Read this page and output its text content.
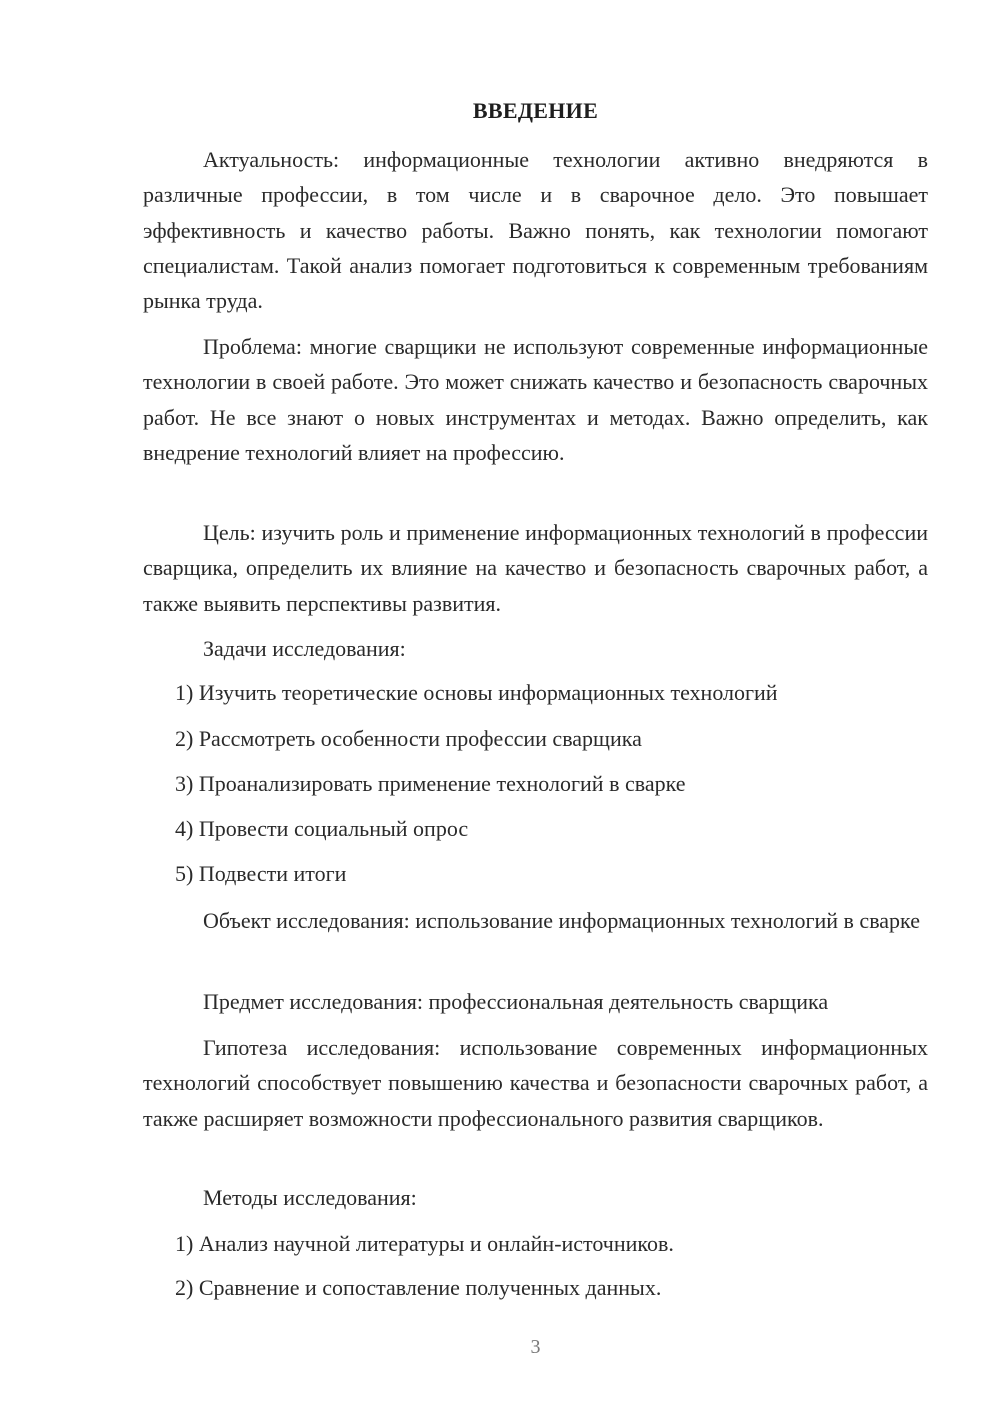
ВВЕДЕНИЕ

Актуальность: информационные технологии активно внедряются в различные профессии, в том числе и в сварочное дело. Это повышает эффективность и качество работы. Важно понять, как технологии помогают специалистам. Такой анализ помогает подготовиться к современным требованиям рынка труда.

Проблема: многие сварщики не используют современные информационные технологии в своей работе. Это может снижать качество и безопасность сварочных работ. Не все знают о новых инструментах и методах. Важно определить, как внедрение технологий влияет на профессию.

Цель: изучить роль и применение информационных технологий в профессии сварщика, определить их влияние на качество и безопасность сварочных работ, а также выявить перспективы развития.

Задачи исследования:

1) Изучить теоретические основы информационных технологий

2) Рассмотреть особенности профессии сварщика

3) Проанализировать применение технологий в сварке

4) Провести социальный опрос

5) Подвести итоги

Объект исследования: использование информационных технологий в сварке

Предмет исследования: профессиональная деятельность сварщика

Гипотеза исследования: использование современных информационных технологий способствует повышению качества и безопасности сварочных работ, а также расширяет возможности профессионального развития сварщиков.

Методы исследования:

1) Анализ научной литературы и онлайн-источников.

2) Сравнение и сопоставление полученных данных.

3
